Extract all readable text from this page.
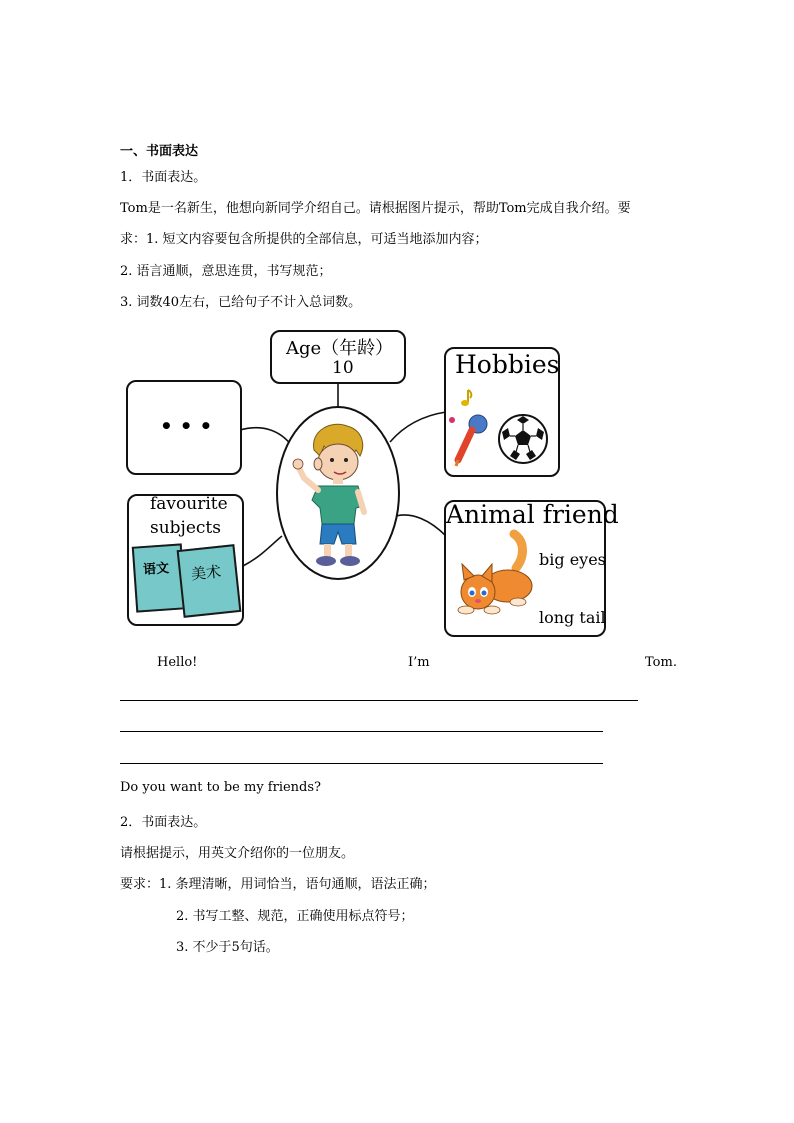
一、书面表达
1．书面表达。
Tom是一名新生，他想向新同学介绍自己。请根据图片提示，帮助Tom完成自我介绍。要
求：1. 短文内容要包含所提供的全部信息，可适当地添加内容；
2. 语言通顺，意思连贯，书写规范；
3. 词数40左右，已给句子不计入总词数。
Age（年龄）
10
• • •
Hobbies
favourite
subjects
语文 美术
Animal friend
big eyes
long tail
Hello!	I’m	Tom.
Do you want to be my friends?
2．书面表达。
请根据提示，用英文介绍你的一位朋友。
要求：1. 条理清晰，用词恰当，语句通顺，语法正确；
2. 书写工整、规范，正确使用标点符号；
3. 不少于5句话。
